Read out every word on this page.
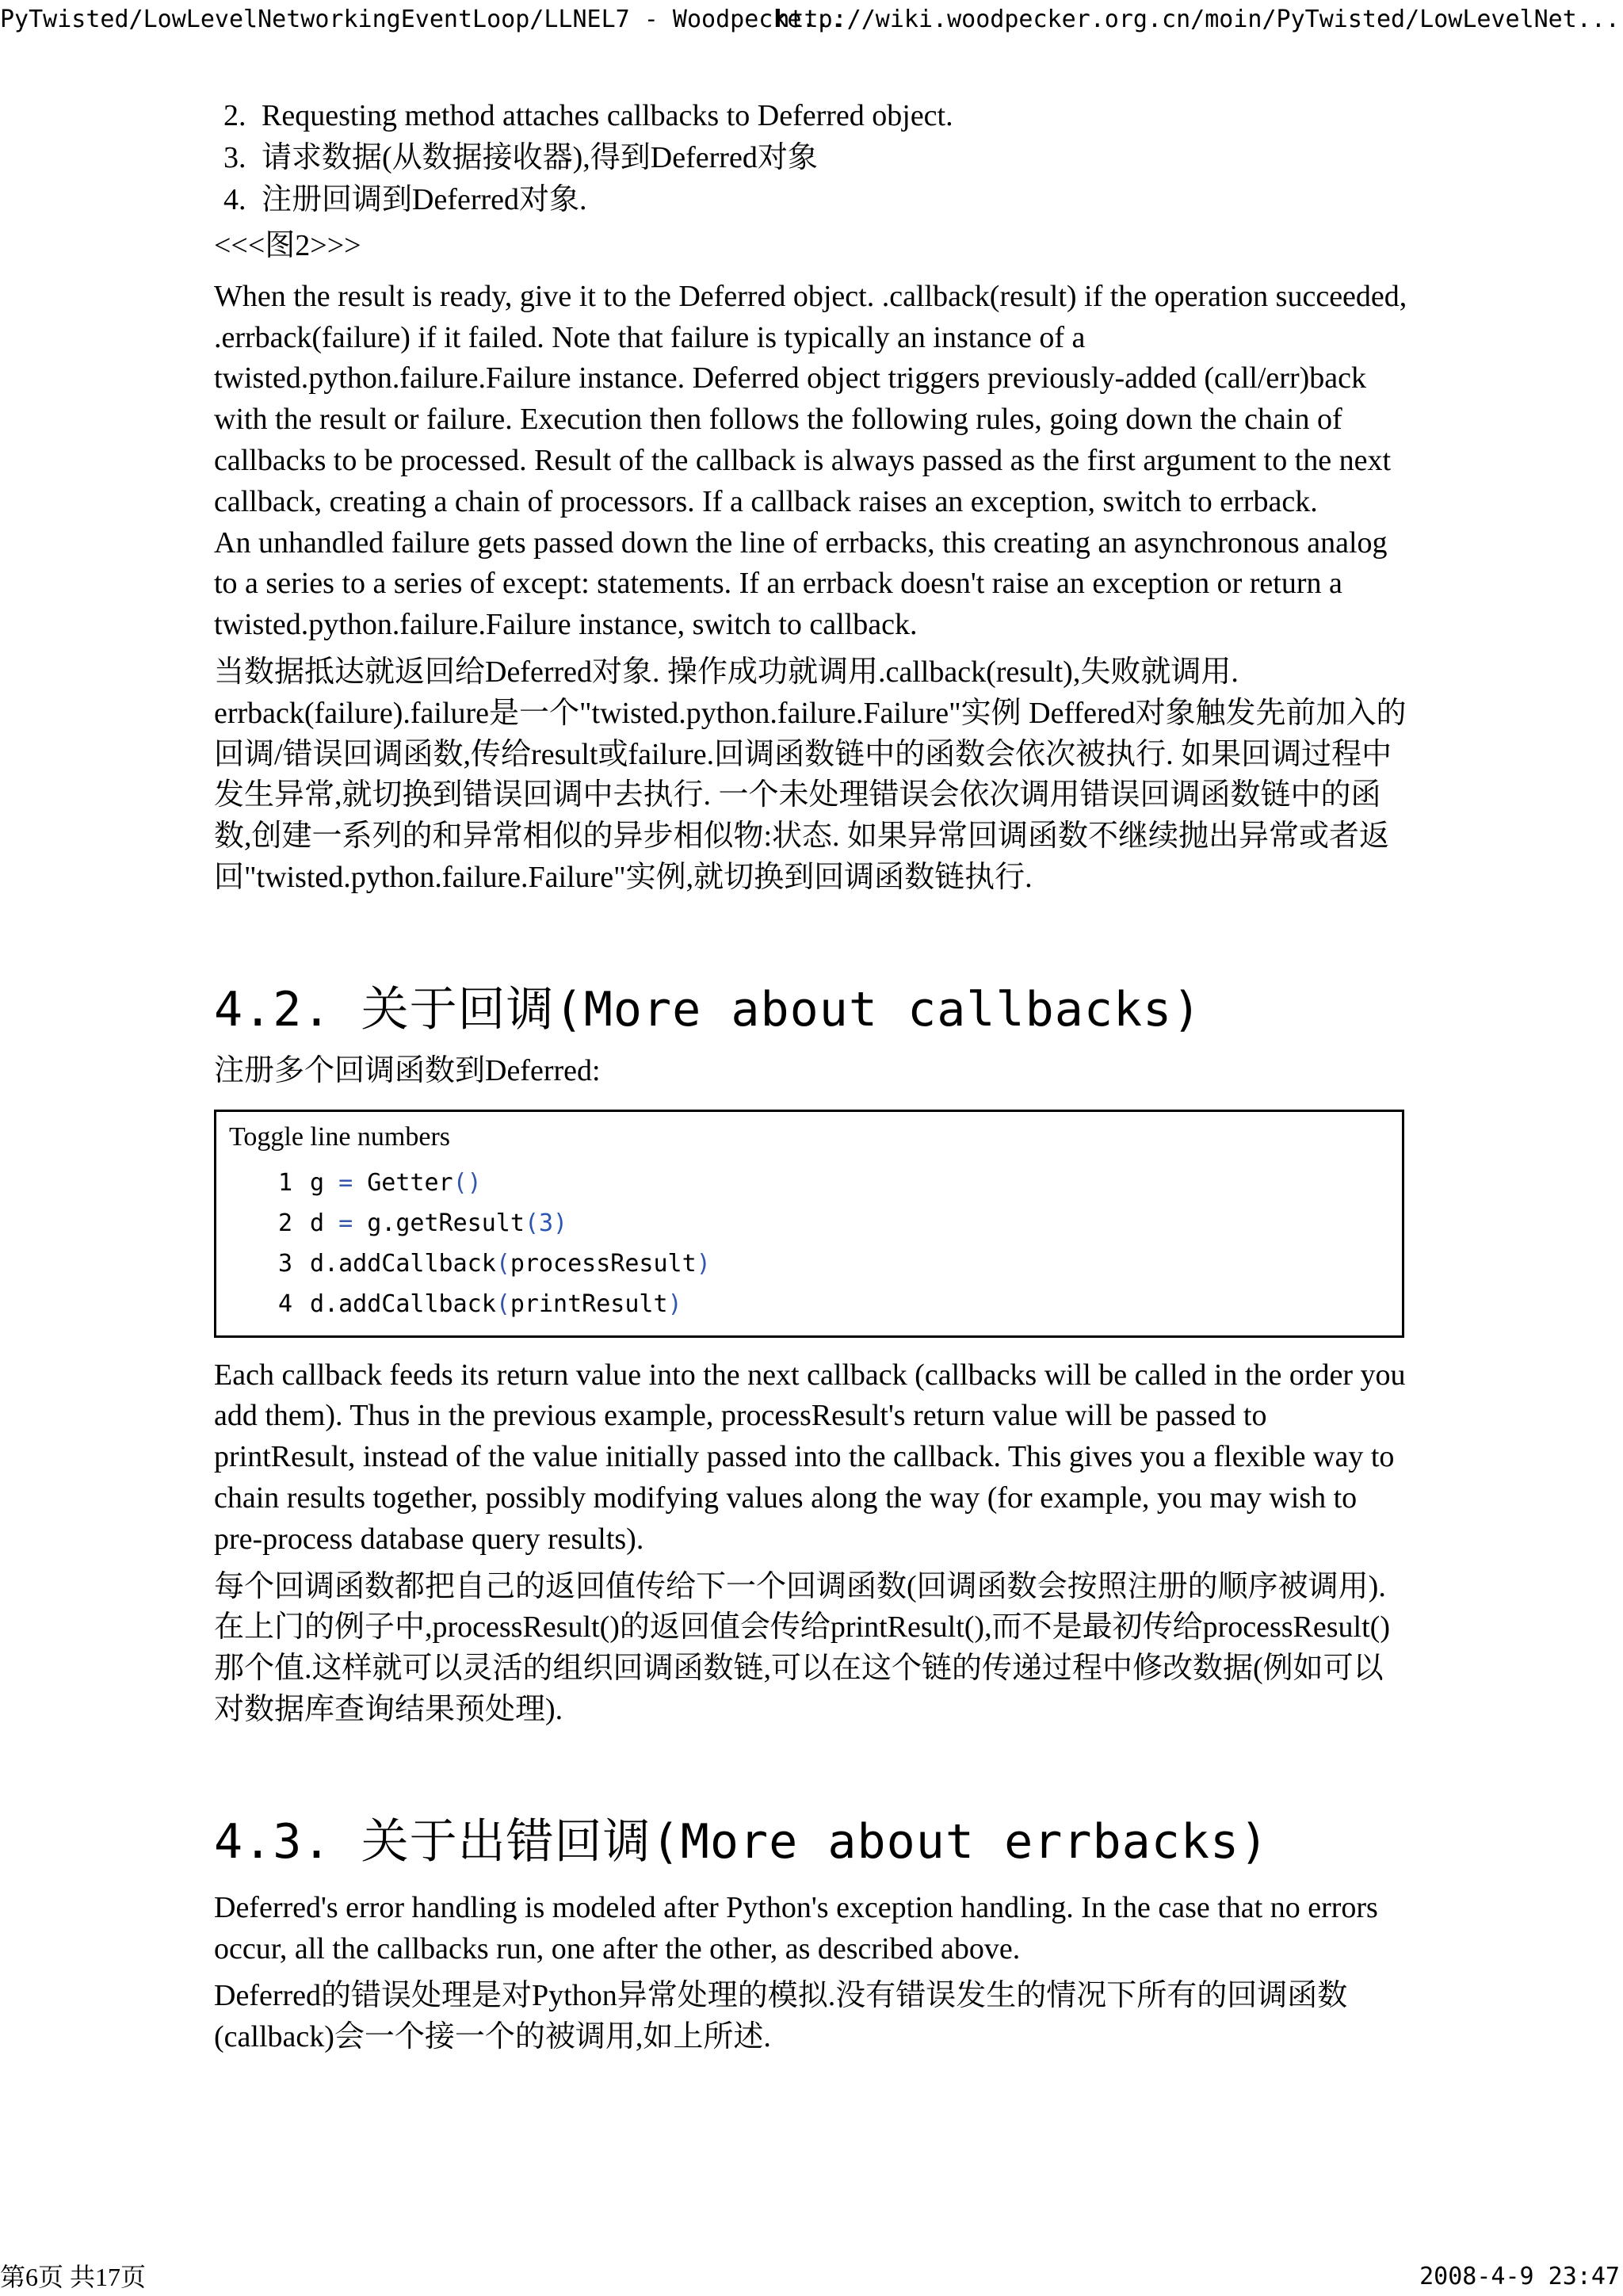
PyTwisted/LowLevelNetworkingEventLoop/LLNEL7 - Woodpecke...
http://wiki.woodpecker.org.cn/moin/PyTwisted/LowLevelNet...
2. Requesting method attaches callbacks to Deferred object.
3. 请求数据(从数据接收器),得到Deferred对象
4. 注册回调到Deferred对象.

<<<图2>>>

When the result is ready, give it to the Deferred object. .callback(result) if the operation succeeded, .errback(failure) if it failed. Note that failure is typically an instance of a twisted.python.failure.Failure instance. Deferred object triggers previously-added (call/err)back with the result or failure. Execution then follows the following rules, going down the chain of callbacks to be processed. Result of the callback is always passed as the first argument to the next callback, creating a chain of processors. If a callback raises an exception, switch to errback.

An unhandled failure gets passed down the line of errbacks, this creating an asynchronous analog to a series to a series of except: statements. If an errback doesn't raise an exception or return a twisted.python.failure.Failure instance, switch to callback.

当数据抵达就返回给Deferred对象. 操作成功就调用.callback(result),失败就调用. errback(failure).failure是一个"twisted.python.failure.Failure"实例 Deffered对象触发先前加入的回调/错误回调函数,传给result或failure.回调函数链中的函数会依次被执行. 如果回调过程中发生异常,就切换到错误回调中去执行. 一个未处理错误会依次调用错误回调函数链中的函数,创建一系列的和异常相似的异步相似物:状态. 如果异常回调函数不继续抛出异常或者返回"twisted.python.failure.Failure"实例,就切换到回调函数链执行.

4.2. 关于回调(More about callbacks)

注册多个回调函数到Deferred:

Toggle line numbers
1 g = Getter()
2 d = g.getResult(3)
3 d.addCallback(processResult)
4 d.addCallback(printResult)

Each callback feeds its return value into the next callback (callbacks will be called in the order you add them). Thus in the previous example, processResult's return value will be passed to printResult, instead of the value initially passed into the callback. This gives you a flexible way to chain results together, possibly modifying values along the way (for example, you may wish to pre-process database query results).

每个回调函数都把自己的返回值传给下一个回调函数(回调函数会按照注册的顺序被调用).在上门的例子中,processResult()的返回值会传给printResult(),而不是最初传给processResult()那个值.这样就可以灵活的组织回调函数链,可以在这个链的传递过程中修改数据(例如可以对数据库查询结果预处理).

4.3. 关于出错回调(More about errbacks)

Deferred's error handling is modeled after Python's exception handling. In the case that no errors occur, all the callbacks run, one after the other, as described above.

Deferred的错误处理是对Python异常处理的模拟.没有错误发生的情况下所有的回调函数(callback)会一个接一个的被调用,如上所述.

第6页 共17页	2008-4-9 23:47
